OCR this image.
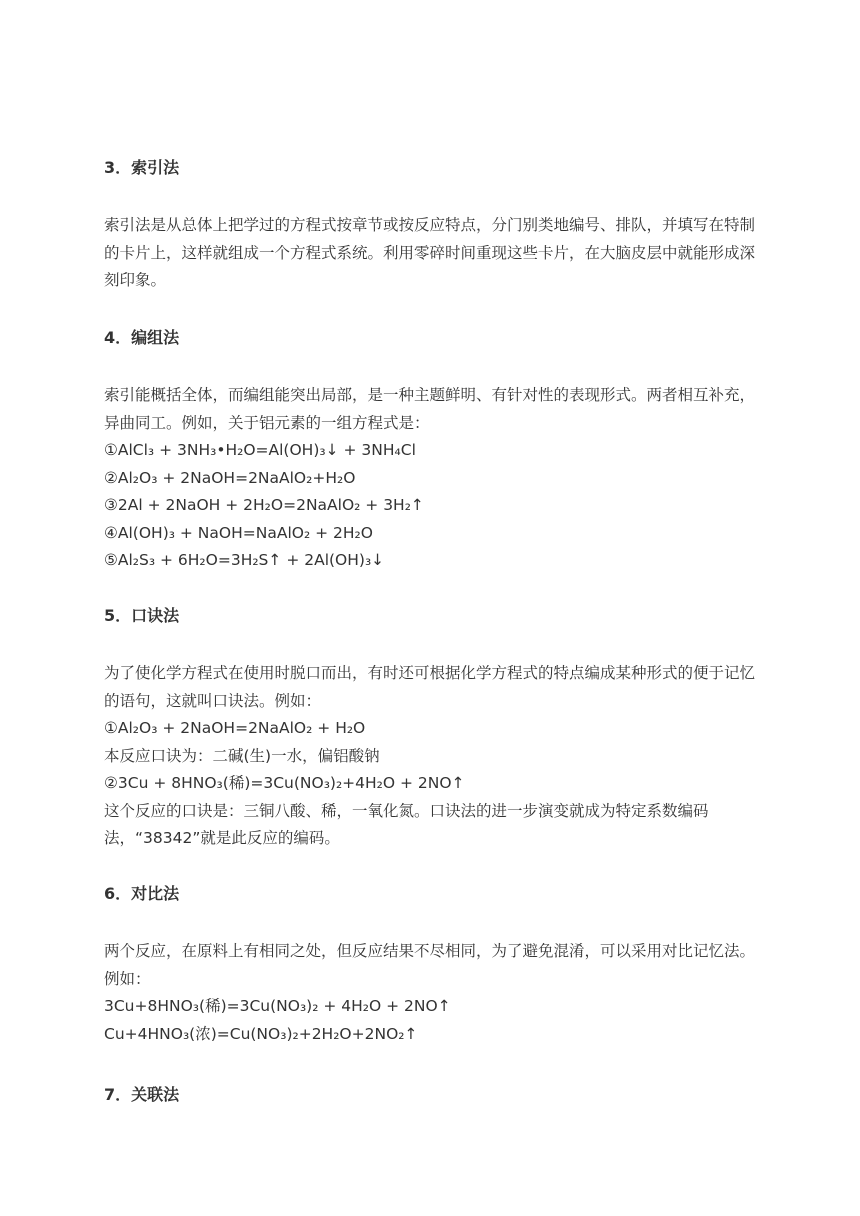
3．索引法
索引法是从总体上把学过的方程式按章节或按反应特点，分门别类地编号、排队，并填写在特制的卡片上，这样就组成一个方程式系统。利用零碎时间重现这些卡片，在大脑皮层中就能形成深刻印象。
4．编组法
索引能概括全体，而编组能突出局部，是一种主题鲜明、有针对性的表现形式。两者相互补充，异曲同工。例如，关于铝元素的一组方程式是：
①AlCl₃ + 3NH₃•H₂O=Al(OH)₃↓ + 3NH₄Cl
②Al₂O₃ + 2NaOH=2NaAlO₂+H₂O
③2Al + 2NaOH + 2H₂O=2NaAlO₂ + 3H₂↑
④Al(OH)₃ + NaOH=NaAlO₂ + 2H₂O
⑤Al₂S₃ + 6H₂O=3H₂S↑ + 2Al(OH)₃↓
5．口诀法
为了使化学方程式在使用时脱口而出，有时还可根据化学方程式的特点编成某种形式的便于记忆的语句，这就叫口诀法。例如：
①Al₂O₃ + 2NaOH=2NaAlO₂ + H₂O
本反应口诀为：二碱(生)一水，偏铝酸钠
②3Cu + 8HNO₃(稀)=3Cu(NO₃)₂+4H₂O + 2NO↑
这个反应的口诀是：三铜八酸、稀，一氧化氮。口诀法的进一步演变就成为特定系数编码法，“38342”就是此反应的编码。
6．对比法
两个反应，在原料上有相同之处，但反应结果不尽相同，为了避免混淆，可以采用对比记忆法。例如：
3Cu+8HNO₃(稀)=3Cu(NO₃)₂ + 4H₂O + 2NO↑
Cu+4HNO₃(浓)=Cu(NO₃)₂+2H₂O+2NO₂↑
7．关联法
